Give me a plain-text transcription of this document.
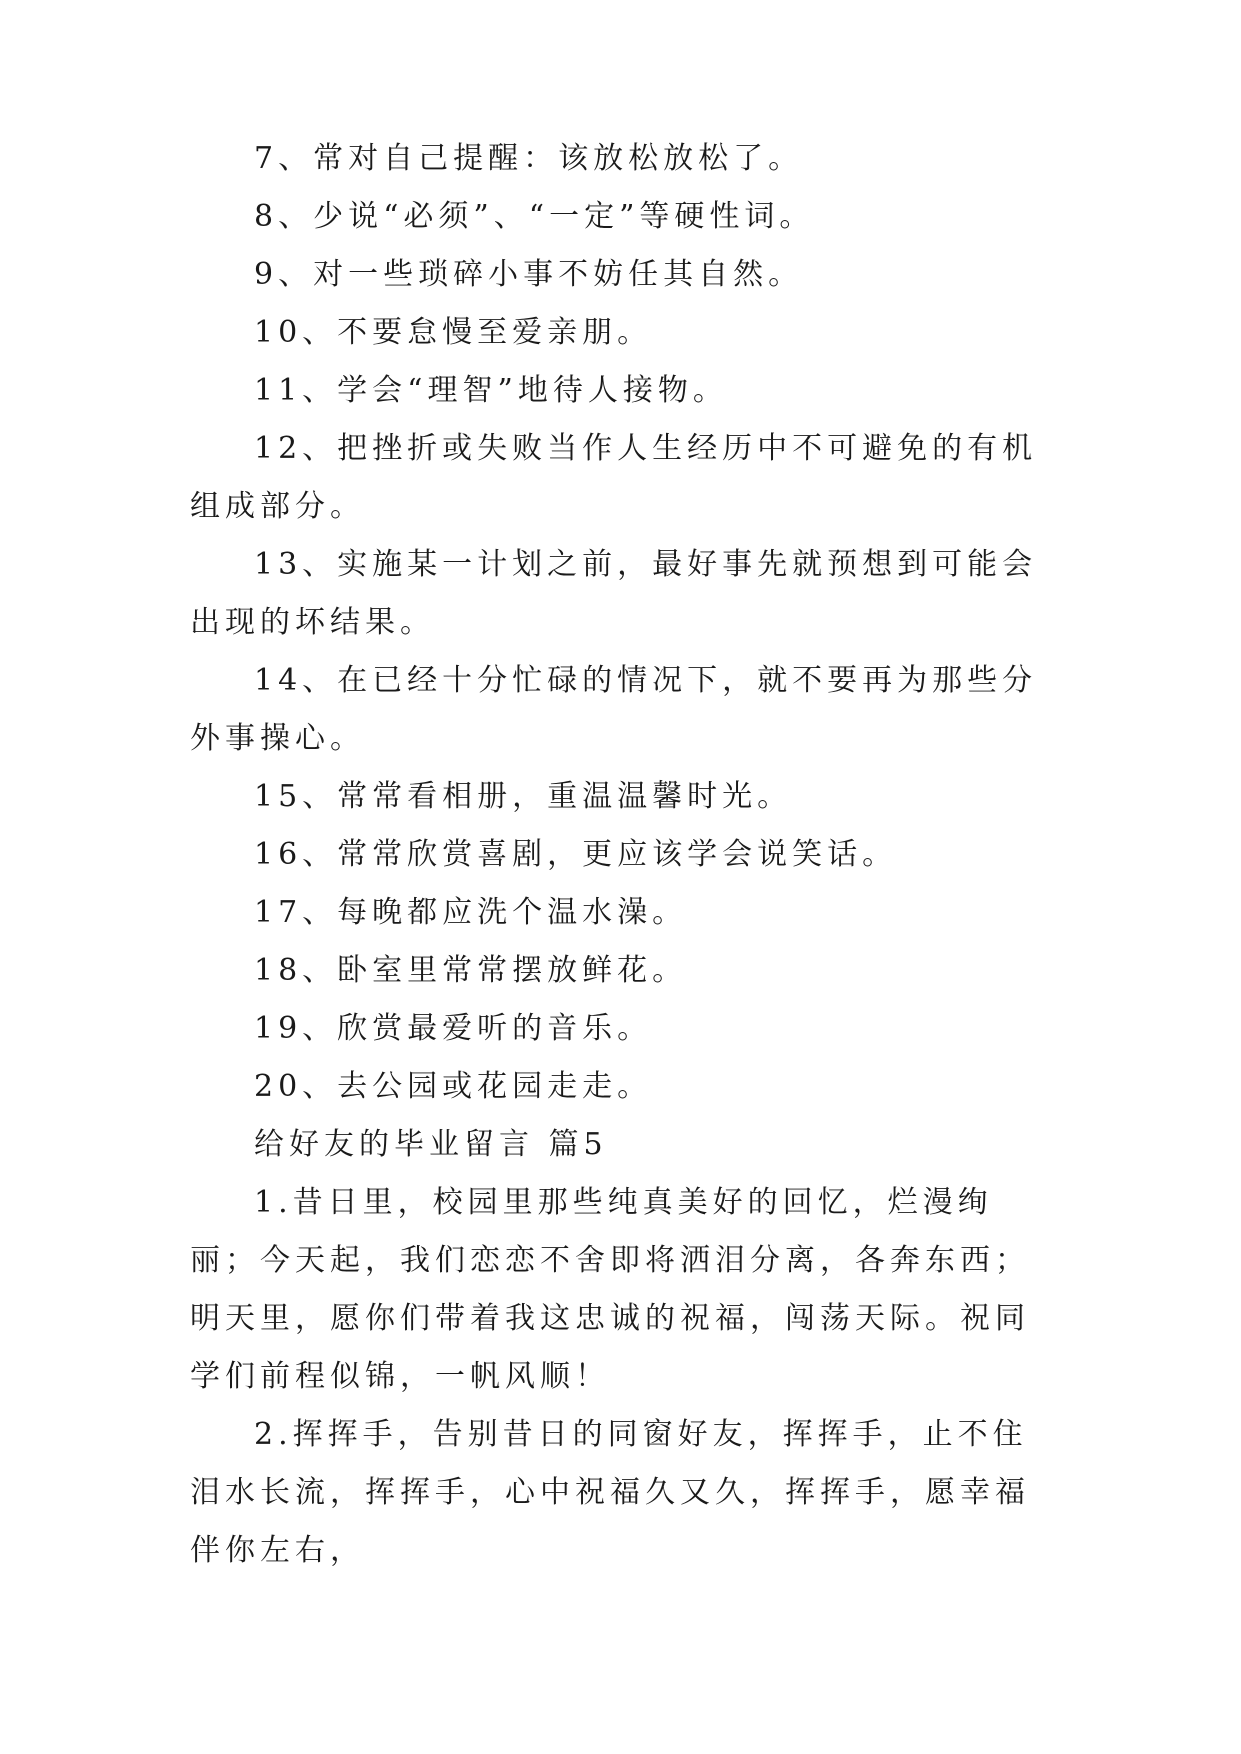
7、常对自己提醒：该放松放松了。

8、少说“必须”、“一定”等硬性词。

9、对一些琐碎小事不妨任其自然。

10、不要怠慢至爱亲朋。

11、学会“理智”地待人接物。

12、把挫折或失败当作人生经历中不可避免的有机组成部分。

13、实施某一计划之前，最好事先就预想到可能会出现的坏结果。

14、在已经十分忙碌的情况下，就不要再为那些分外事操心。

15、常常看相册，重温温馨时光。

16、常常欣赏喜剧，更应该学会说笑话。

17、每晚都应洗个温水澡。

18、卧室里常常摆放鲜花。

19、欣赏最爱听的音乐。

20、去公园或花园走走。

给好友的毕业留言 篇5

1.昔日里，校园里那些纯真美好的回忆，烂漫绚丽；今天起，我们恋恋不舍即将洒泪分离，各奔东西；明天里，愿你们带着我这忠诚的祝福，闯荡天际。祝同学们前程似锦，一帆风顺！

2.挥挥手，告别昔日的同窗好友，挥挥手，止不住泪水长流，挥挥手，心中祝福久又久，挥挥手，愿幸福伴你左右，
